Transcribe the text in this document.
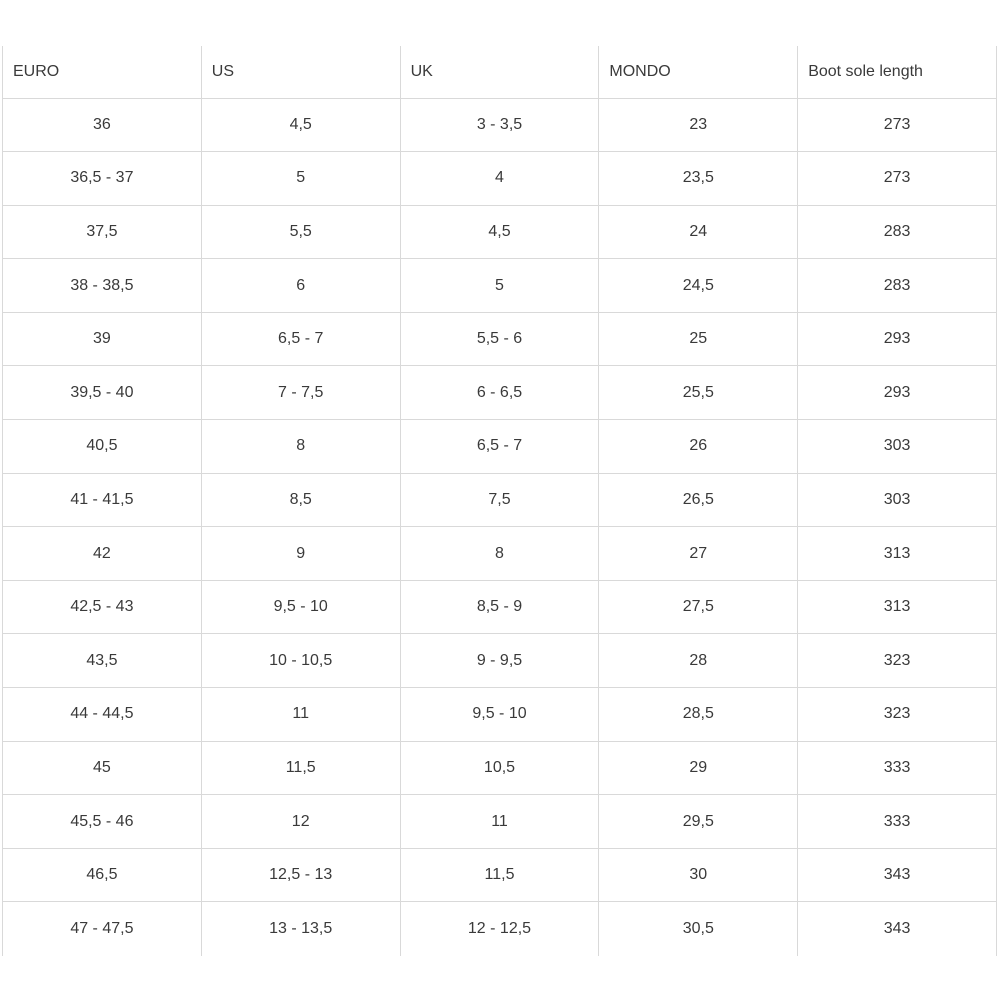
EURO	US	UK	MONDO	Boot sole length
36	4,5	3 - 3,5	23	273
36,5 - 37	5	4	23,5	273
37,5	5,5	4,5	24	283
38 - 38,5	6	5	24,5	283
39	6,5 - 7	5,5 - 6	25	293
39,5 - 40	7 - 7,5	6 - 6,5	25,5	293
40,5	8	6,5 - 7	26	303
41 - 41,5	8,5	7,5	26,5	303
42	9	8	27	313
42,5 - 43	9,5 - 10	8,5 - 9	27,5	313
43,5	10 - 10,5	9 - 9,5	28	323
44 - 44,5	11	9,5 - 10	28,5	323
45	11,5	10,5	29	333
45,5 - 46	12	11	29,5	333
46,5	12,5 - 13	11,5	30	343
47 - 47,5	13 - 13,5	12 - 12,5	30,5	343
